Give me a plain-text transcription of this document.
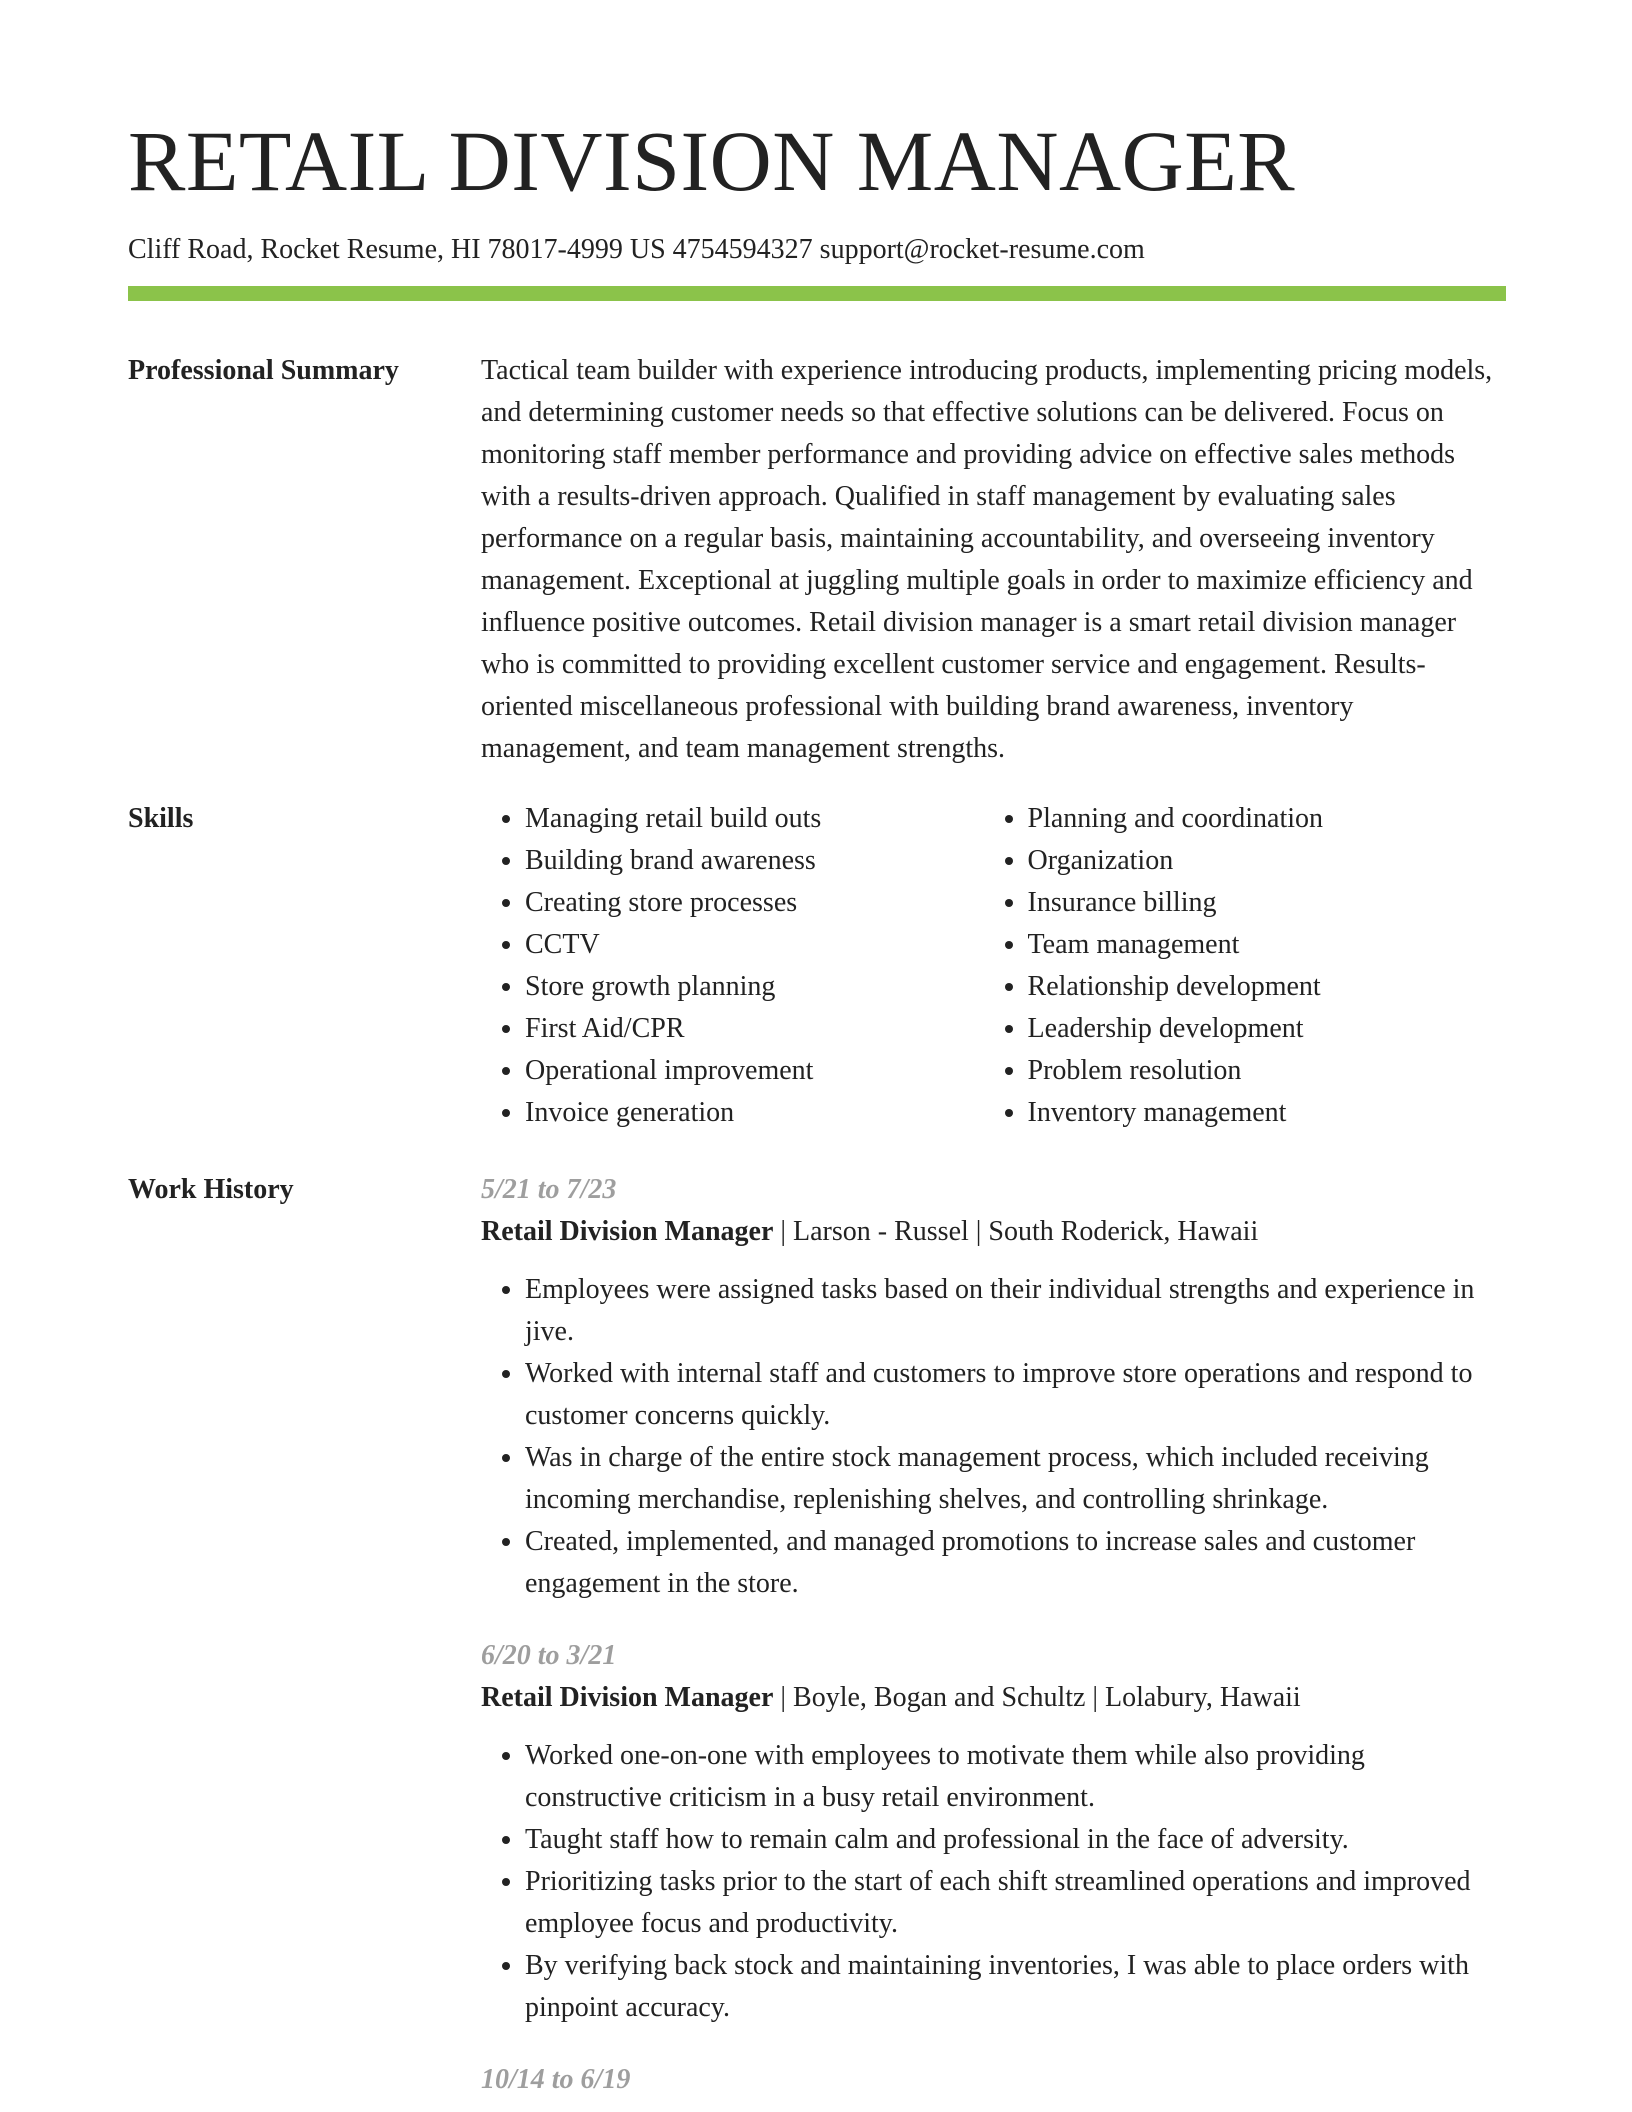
RETAIL DIVISION MANAGER
Cliff Road, Rocket Resume, HI 78017-4999 US 4754594327 support@rocket-resume.com
Professional Summary	Tactical team builder with experience introducing products, implementing pricing models, and determining customer needs so that effective solutions can be delivered. Focus on monitoring staff member performance and providing advice on effective sales methods with a results-driven approach. Qualified in staff management by evaluating sales performance on a regular basis, maintaining accountability, and overseeing inventory management. Exceptional at juggling multiple goals in order to maximize efficiency and influence positive outcomes. Retail division manager is a smart retail division manager who is committed to providing excellent customer service and engagement. Results-oriented miscellaneous professional with building brand awareness, inventory management, and team management strengths.

Skills
•	Managing retail build outs
• Building brand awareness
• Creating store processes
• CCTV
• Store growth planning
• First Aid/CPR
• Operational improvement
• Invoice generation
• Planning and coordination
• Organization
• Insurance billing
• Team management
• Relationship development
• Leadership development
• Problem resolution
• Inventory management
Work History	5/21 to 7/23
Retail Division Manager | Larson - Russel | South Roderick, Hawaii
• Employees were assigned tasks based on their individual strengths and experience in jive.
• Worked with internal staff and customers to improve store operations and respond to customer concerns quickly.
• Was in charge of the entire stock management process, which included receiving incoming merchandise, replenishing shelves, and controlling shrinkage.
• Created, implemented, and managed promotions to increase sales and customer engagement in the store.
6/20 to 3/21
Retail Division Manager | Boyle, Bogan and Schultz | Lolabury, Hawaii
• Worked one-on-one with employees to motivate them while also providing constructive criticism in a busy retail environment.
• Taught staff how to remain calm and professional in the face of adversity.
• Prioritizing tasks prior to the start of each shift streamlined operations and improved employee focus and productivity.
• By verifying back stock and maintaining inventories, I was able to place orders with pinpoint accuracy.
10/14 to 6/19
